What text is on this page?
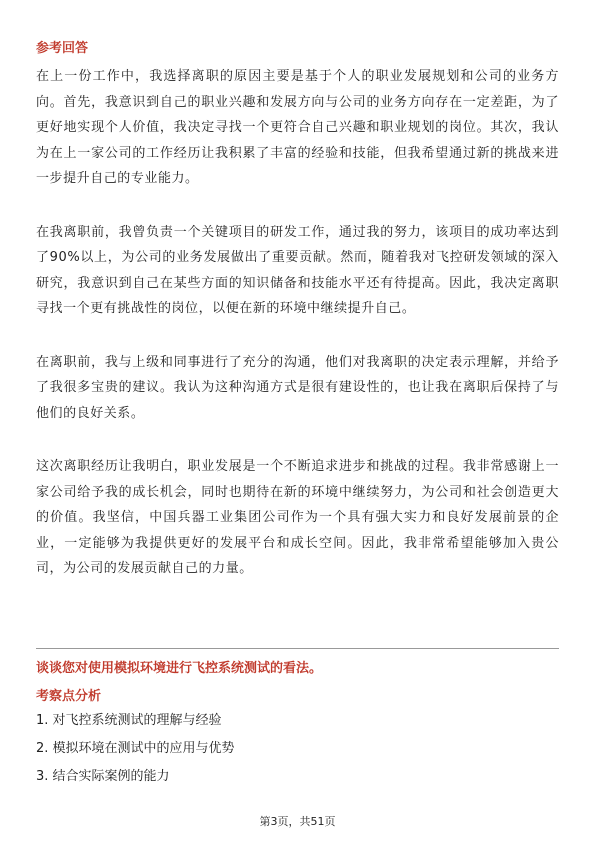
参考回答

在上一份工作中，我选择离职的原因主要是基于个人的职业发展规划和公司的业务方向。首先，我意识到自己的职业兴趣和发展方向与公司的业务方向存在一定差距，为了更好地实现个人价值，我决定寻找一个更符合自己兴趣和职业规划的岗位。其次，我认为在上一家公司的工作经历让我积累了丰富的经验和技能，但我希望通过新的挑战来进一步提升自己的专业能力。

在我离职前，我曾负责一个关键项目的研发工作，通过我的努力，该项目的成功率达到了90%以上，为公司的业务发展做出了重要贡献。然而，随着我对飞控研发领域的深入研究，我意识到自己在某些方面的知识储备和技能水平还有待提高。因此，我决定离职寻找一个更有挑战性的岗位，以便在新的环境中继续提升自己。

在离职前，我与上级和同事进行了充分的沟通，他们对我离职的决定表示理解，并给予了我很多宝贵的建议。我认为这种沟通方式是很有建设性的，也让我在离职后保持了与他们的良好关系。

这次离职经历让我明白，职业发展是一个不断追求进步和挑战的过程。我非常感谢上一家公司给予我的成长机会，同时也期待在新的环境中继续努力，为公司和社会创造更大的价值。我坚信，中国兵器工业集团公司作为一个具有强大实力和良好发展前景的企业，一定能够为我提供更好的发展平台和成长空间。因此，我非常希望能够加入贵公司，为公司的发展贡献自己的力量。

谈谈您对使用模拟环境进行飞控系统测试的看法。
考察点分析
1. 对飞控系统测试的理解与经验
2. 模拟环境在测试中的应用与优势
3. 结合实际案例的能力
第3页，共51页
